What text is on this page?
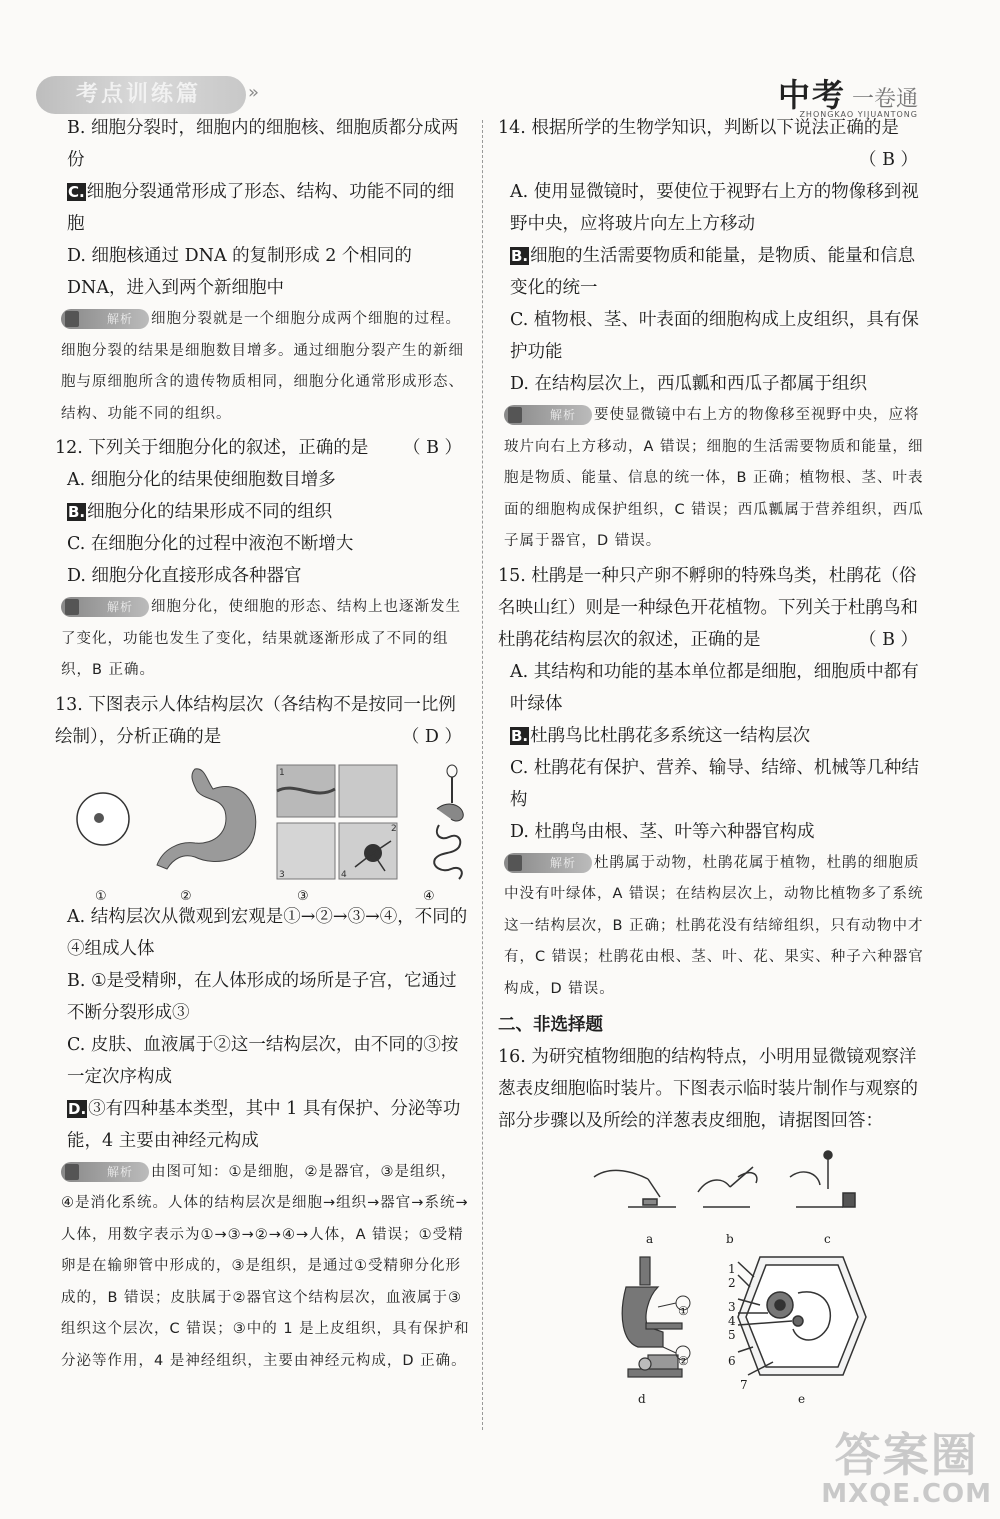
考点训练篇	»	中考 一卷通
ZHONGKAO YIJUANTONG
B. 细胞分裂时，细胞内的细胞核、细胞质都分成两份
C. 细胞分裂通常形成了形态、结构、功能不同的细胞
D. 细胞核通过 DNA 的复制形成 2 个相同的 DNA，进入到两个新细胞中
解析 细胞分裂就是一个细胞分成两个细胞的过程。细胞分裂的结果是细胞数目增多。通过细胞分裂产生的新细胞与原细胞所含的遗传物质相同，细胞分化通常形成形态、结构、功能不同的组织。
12. 下列关于细胞分化的叙述，正确的是 （ B ）
A. 细胞分化的结果使细胞数目增多
B. 细胞分化的结果形成不同的组织
C. 在细胞分化的过程中液泡不断增大
D. 细胞分化直接形成各种器官
解析 细胞分化，使细胞的形态、结构上也逐渐发生了变化，功能也发生了变化，结果就逐渐形成了不同的组织，B 正确。
13. 下图表示人体结构层次（各结构不是按同一比例绘制），分析正确的是	（ D ）
1
2
3	4
①	②	③	④
A. 结构层次从微观到宏观是①→②→③→④，不同的④组成人体
B. ①是受精卵，在人体形成的场所是子宫，它通过不断分裂形成③
C. 皮肤、血液属于②这一结构层次，由不同的③按一定次序构成
D. ③有四种基本类型，其中 1 具有保护、分泌等功能，4 主要由神经元构成
解析 由图可知：①是细胞，②是器官，③是组织，④是消化系统。人体的结构层次是细胞→组织→器官→系统→人体，用数字表示为①→③→②→④→人体，A 错误；①受精卵是在输卵管中形成的，③是组织，是通过①受精卵分化形成的，B 错误；皮肤属于②器官这个结构层次，血液属于③组织这个层次，C 错误；③中的 1 是上皮组织，具有保护和分泌等作用，4 是神经组织，主要由神经元构成，D 正确。
14. 根据所学的生物学知识，判断以下说法正确的是
（ B ）
A. 使用显微镜时，要使位于视野右上方的物像移到视野中央，应将玻片向左上方移动
B. 细胞的生活需要物质和能量，是物质、能量和信息变化的统一
C. 植物根、茎、叶表面的细胞构成上皮组织，具有保护功能
D. 在结构层次上，西瓜瓤和西瓜子都属于组织
解析 要使显微镜中右上方的物像移至视野中央，应将玻片向右上方移动，A 错误；细胞的生活需要物质和能量，细胞是物质、能量、信息的统一体，B 正确；植物根、茎、叶表面的细胞构成保护组织，C 错误；西瓜瓤属于营养组织，西瓜子属于器官，D 错误。
15. 杜鹃是一种只产卵不孵卵的特殊鸟类，杜鹃花（俗名映山红）则是一种绿色开花植物。下列关于杜鹃鸟和杜鹃花结构层次的叙述，正确的是	（ B ）
A. 其结构和功能的基本单位都是细胞，细胞质中都有叶绿体
B. 杜鹃鸟比杜鹃花多系统这一结构层次
C. 杜鹃花有保护、营养、输导、结缔、机械等几种结构
D. 杜鹃鸟由根、茎、叶等六种器官构成
解析 杜鹃属于动物，杜鹃花属于植物，杜鹃的细胞质中没有叶绿体，A 错误；在结构层次上，动物比植物多了系统这一结构层次，B 正确；杜鹃花没有结缔组织，只有动物中才有，C 错误；杜鹃花由根、茎、叶、花、果实、种子六种器官构成，D 错误。
二、非选择题
16. 为研究植物细胞的结构特点，小明用显微镜观察洋葱表皮细胞临时装片。下图表示临时装片制作与观察的部分步骤以及所绘的洋葱表皮细胞，请据图回答：
a	b	c
d	e
①
②
1
2
3
4
5
6
7
答案圈
MXQE.COM
